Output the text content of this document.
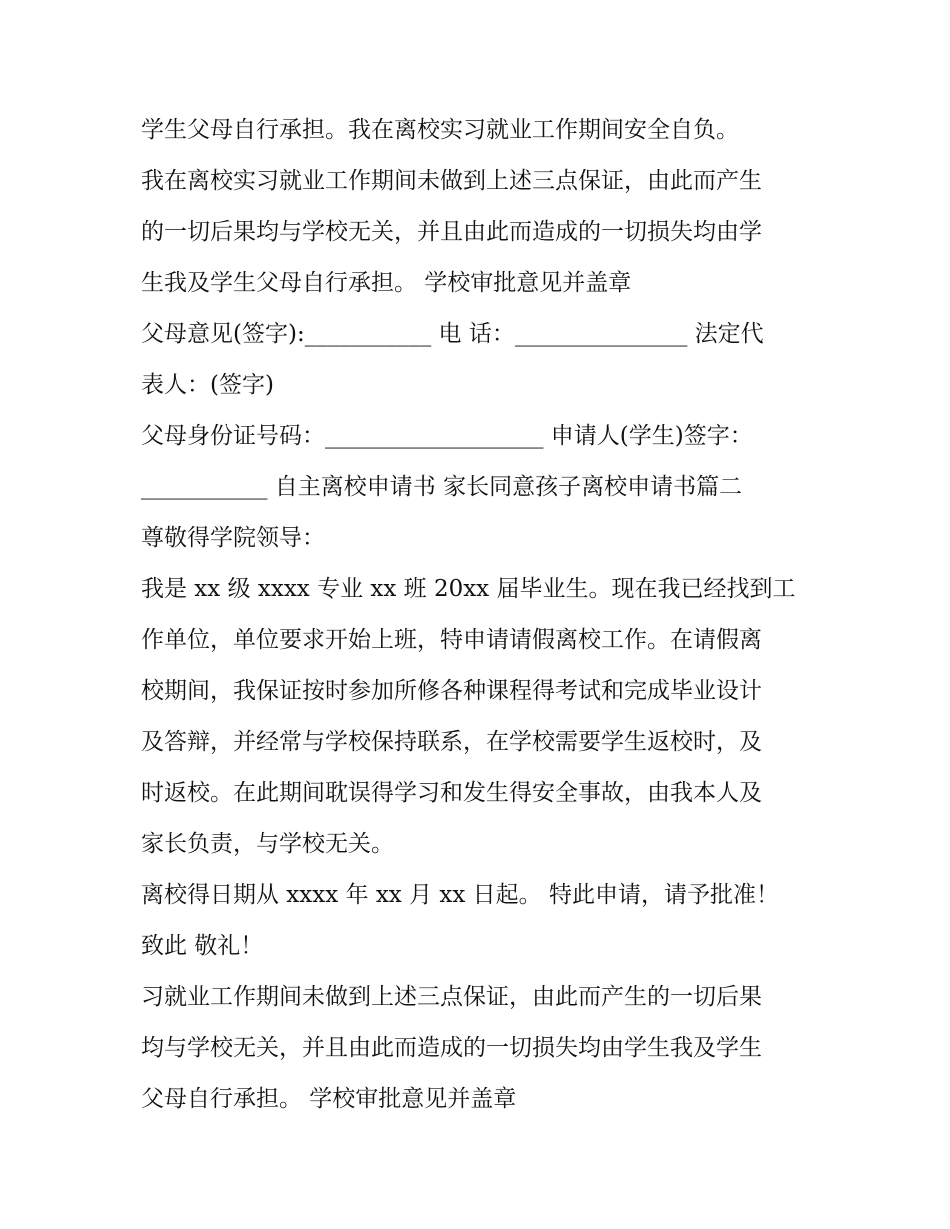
学生父母自行承担。我在离校实习就业工作期间安全自负。
我在离校实习就业工作期间未做到上述三点保证，由此而产生
的一切后果均与学校无关，并且由此而造成的一切损失均由学
生我及学生父母自行承担。 学校审批意见并盖章
父母意见(签字):___________ 电 话：_______________ 法定代
表人：(签字)
父母身份证号码：___________________ 申请人(学生)签字：
___________ 自主离校申请书 家长同意孩子离校申请书篇二
尊敬得学院领导：
我是 xx 级 xxxx 专业 xx 班 20xx 届毕业生。现在我已经找到工
作单位，单位要求开始上班，特申请请假离校工作。在请假离
校期间，我保证按时参加所修各种课程得考试和完成毕业设计
及答辩，并经常与学校保持联系，在学校需要学生返校时，及
时返校。在此期间耽误得学习和发生得安全事故，由我本人及
家长负责，与学校无关。
离校得日期从 xxxx 年 xx 月 xx 日起。 特此申请，请予批准！
致此 敬礼！
习就业工作期间未做到上述三点保证，由此而产生的一切后果
均与学校无关，并且由此而造成的一切损失均由学生我及学生
父母自行承担。 学校审批意见并盖章
